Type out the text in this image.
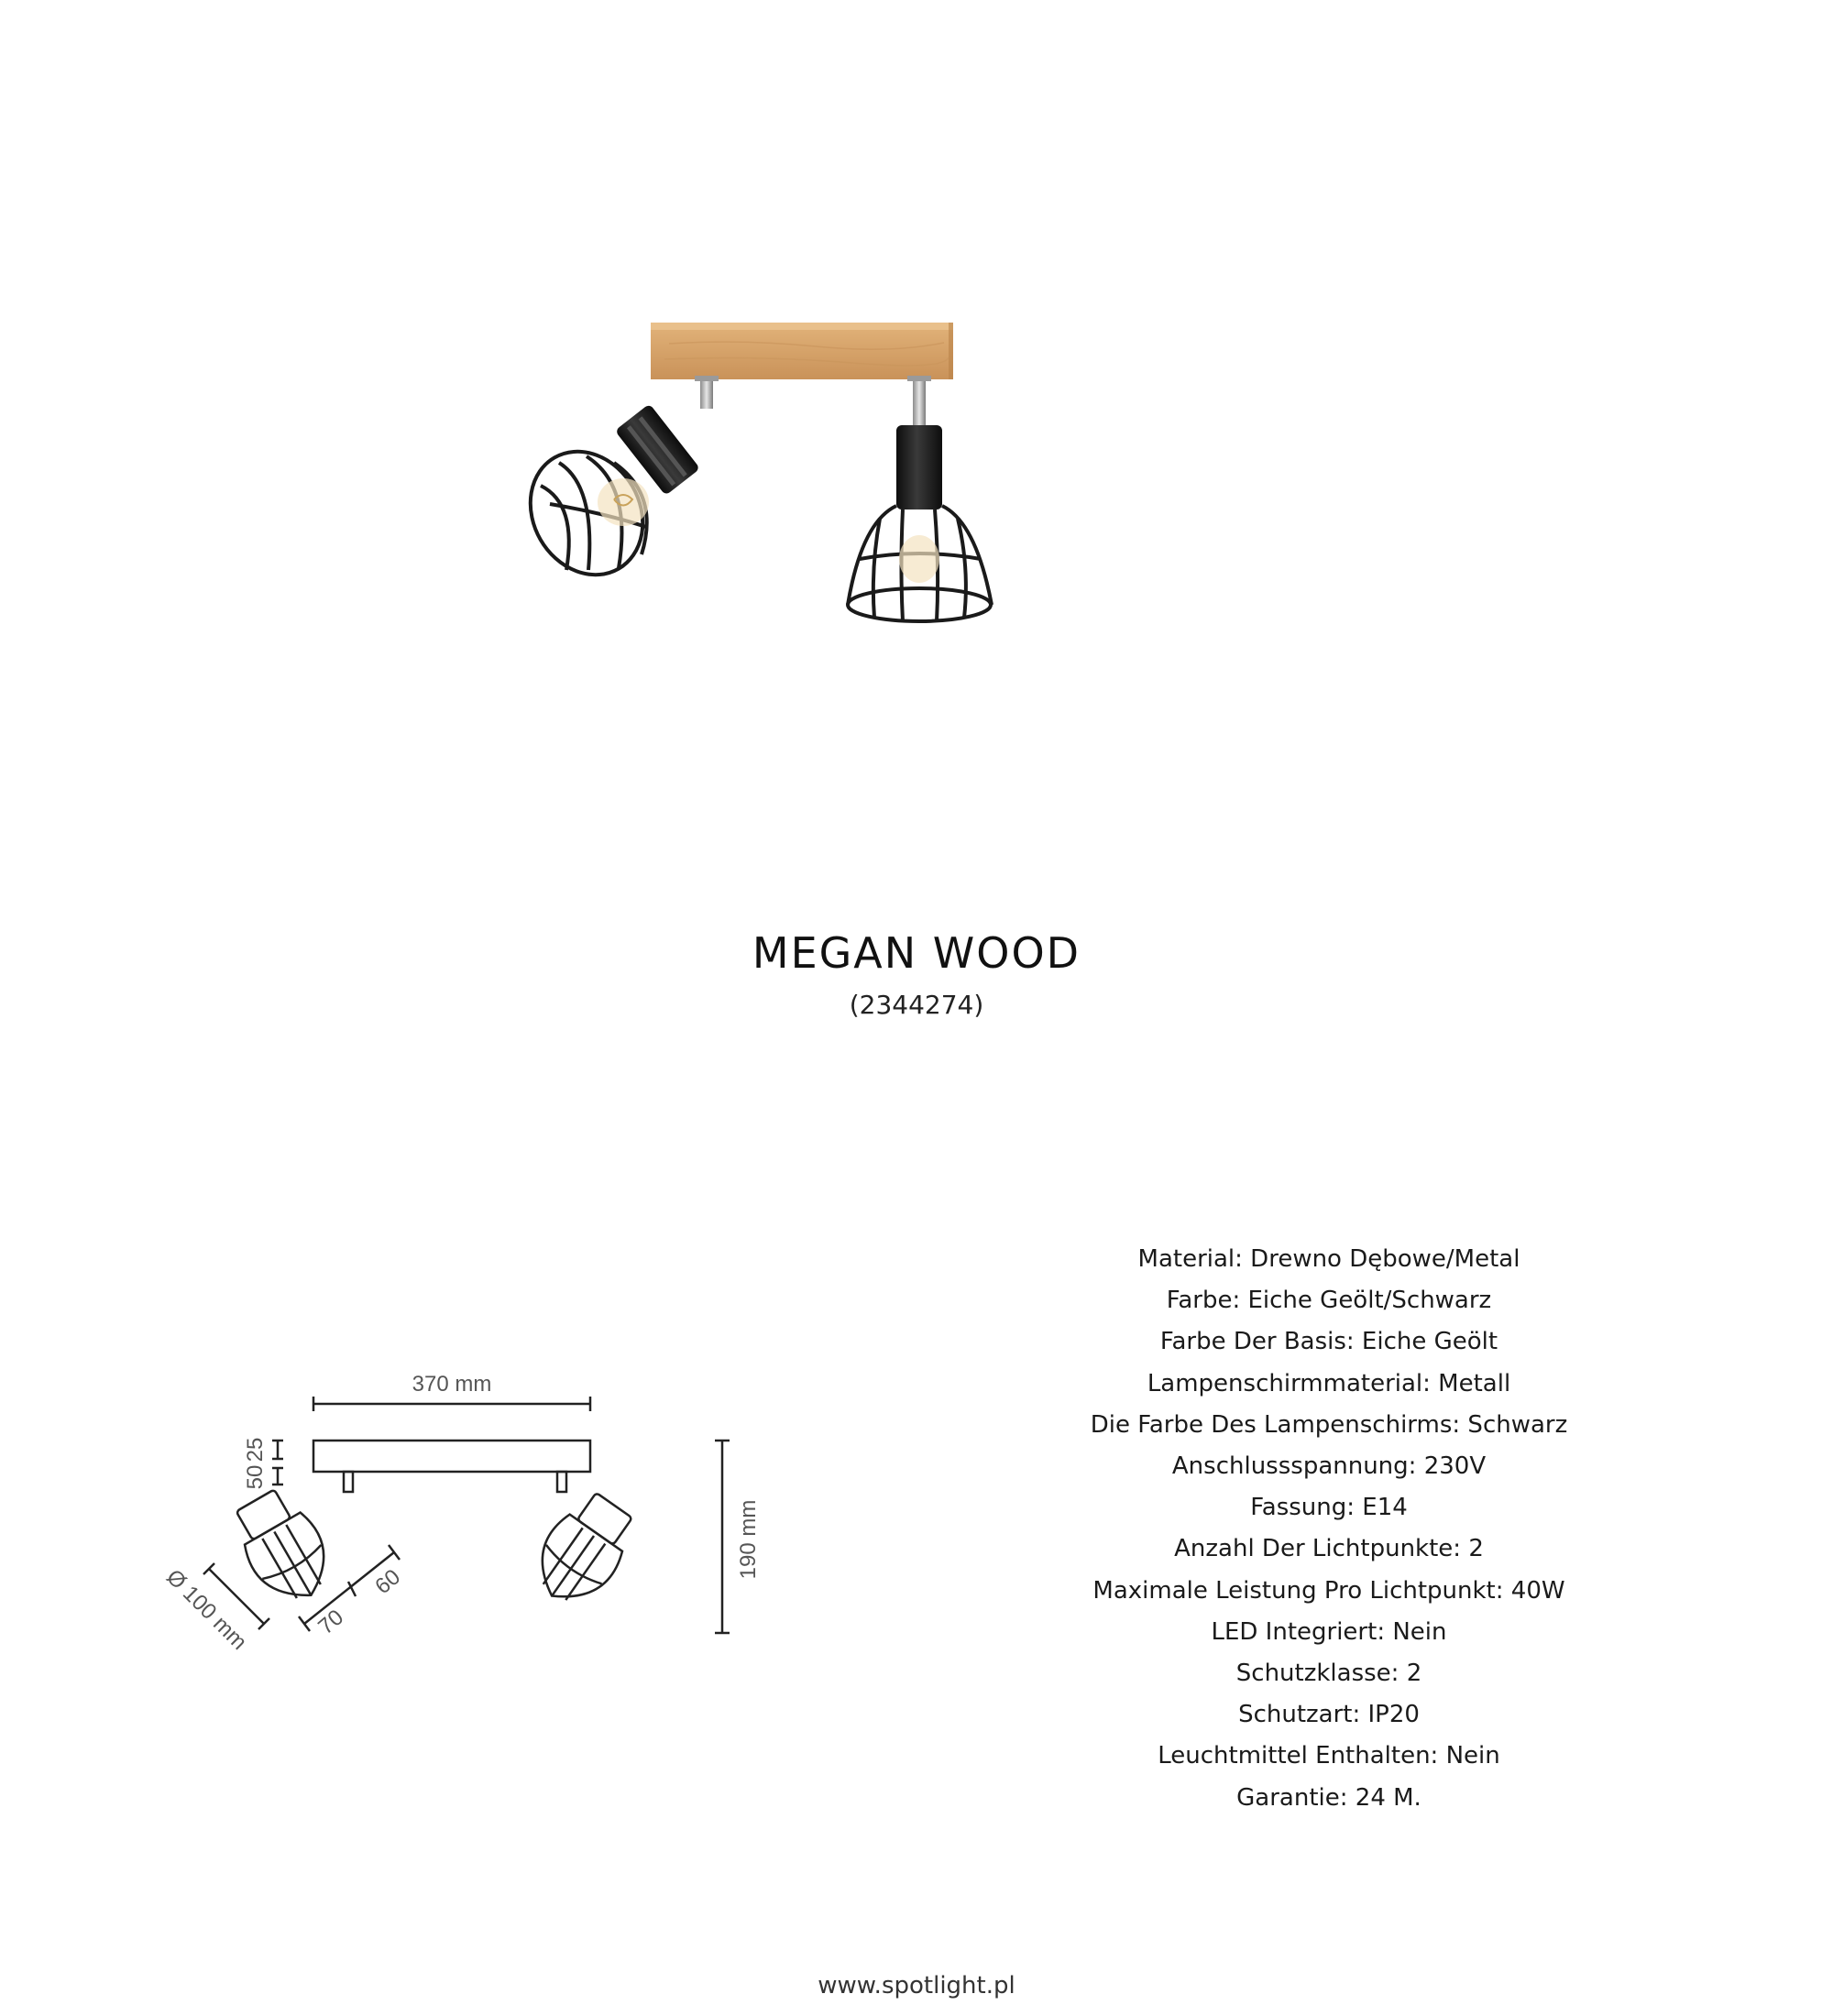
MEGAN WOOD
(2344274)
370 mm
190 mm
25
50
Ø 100 mm	70
60
Material: Drewno Dębowe/Metal
Farbe: Eiche Geölt/Schwarz
Farbe Der Basis: Eiche Geölt
Lampenschirmmaterial: Metall
Die Farbe Des Lampenschirms: Schwarz
Anschlussspannung: 230V
Fassung: E14
Anzahl Der Lichtpunkte: 2
Maximale Leistung Pro Lichtpunkt: 40W
LED Integriert: Nein
Schutzklasse: 2
Schutzart: IP20
Leuchtmittel Enthalten: Nein
Garantie: 24 M.
www.spotlight.pl
